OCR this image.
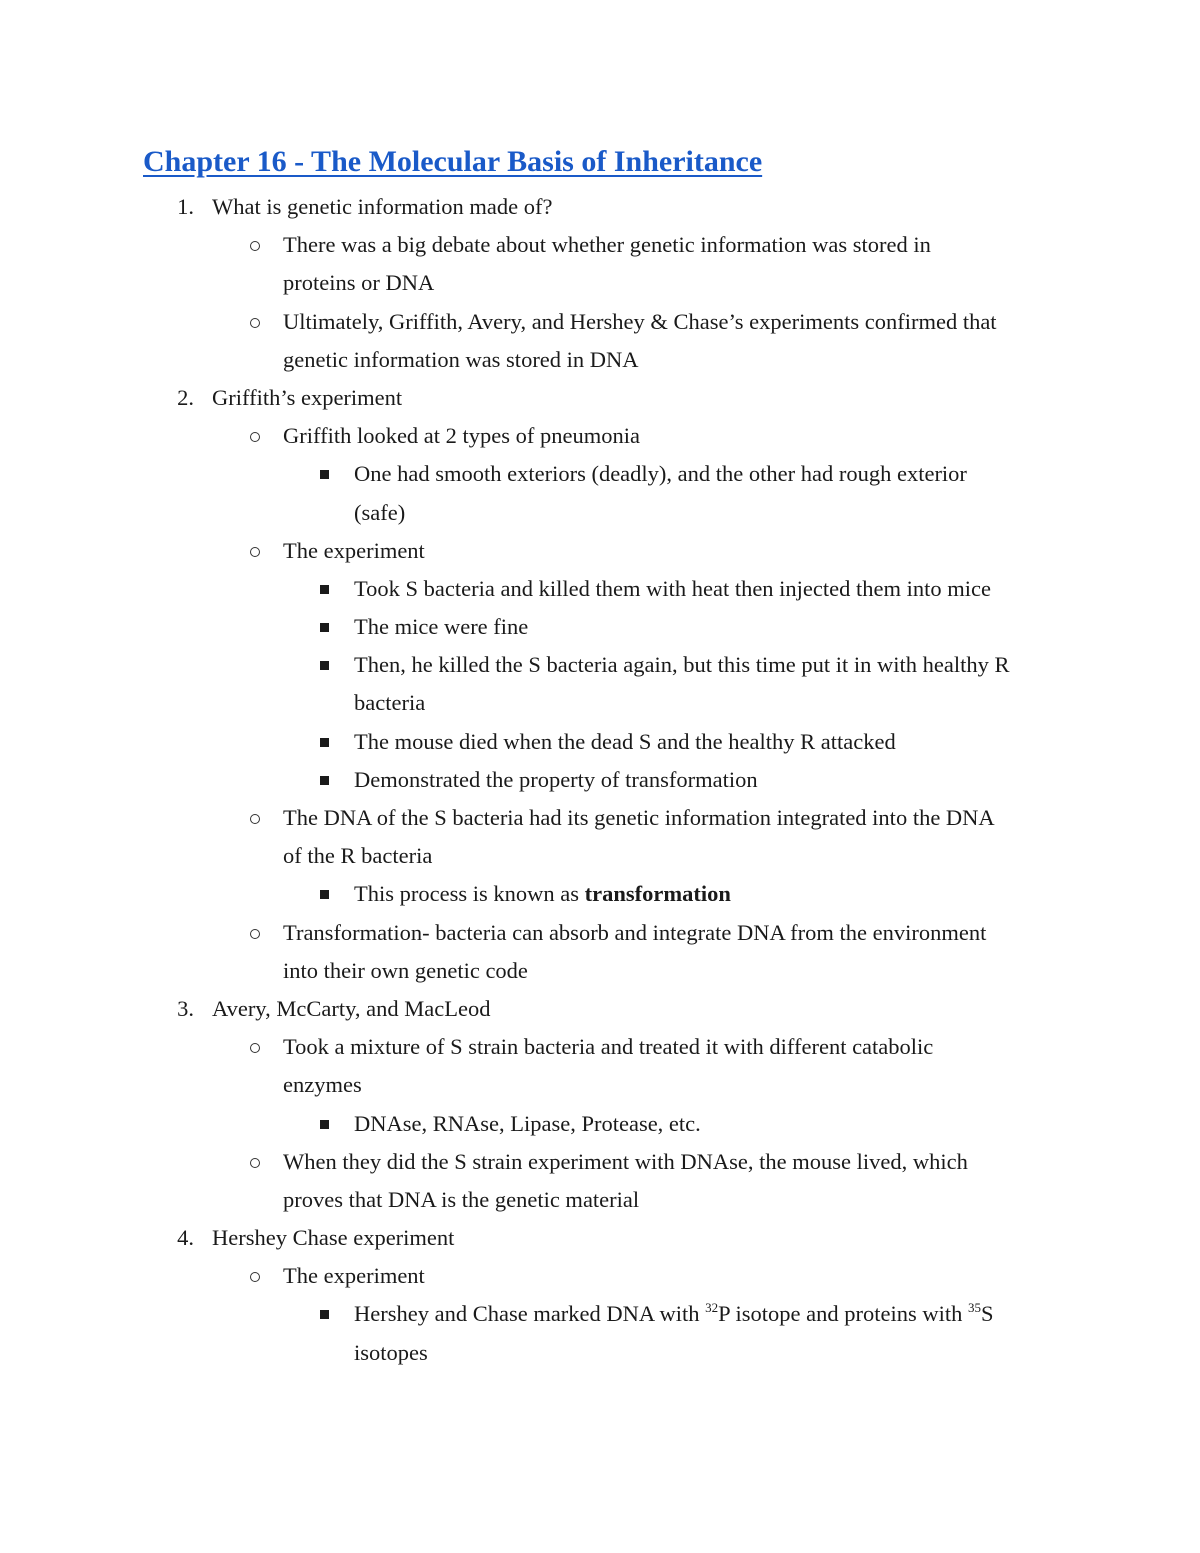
Chapter 16 - The Molecular Basis of Inheritance
1. What is genetic information made of?
There was a big debate about whether genetic information was stored in
proteins or DNA
Ultimately, Griffith, Avery, and Hershey & Chase’s experiments confirmed that
genetic information was stored in DNA
2. Griffith’s experiment
Griffith looked at 2 types of pneumonia
One had smooth exteriors (deadly), and the other had rough exterior
(safe)
The experiment
Took S bacteria and killed them with heat then injected them into mice
The mice were fine
Then, he killed the S bacteria again, but this time put it in with healthy R
bacteria
The mouse died when the dead S and the healthy R attacked
Demonstrated the property of transformation
The DNA of the S bacteria had its genetic information integrated into the DNA
of the R bacteria
This process is known as transformation
Transformation- bacteria can absorb and integrate DNA from the environment
into their own genetic code
3. Avery, McCarty, and MacLeod
Took a mixture of S strain bacteria and treated it with different catabolic
enzymes
DNAse, RNAse, Lipase, Protease, etc.
When they did the S strain experiment with DNAse, the mouse lived, which
proves that DNA is the genetic material
4. Hershey Chase experiment
The experiment
Hershey and Chase marked DNA with $^{32}$P isotope and proteins with $^{35}$S
isotopes
